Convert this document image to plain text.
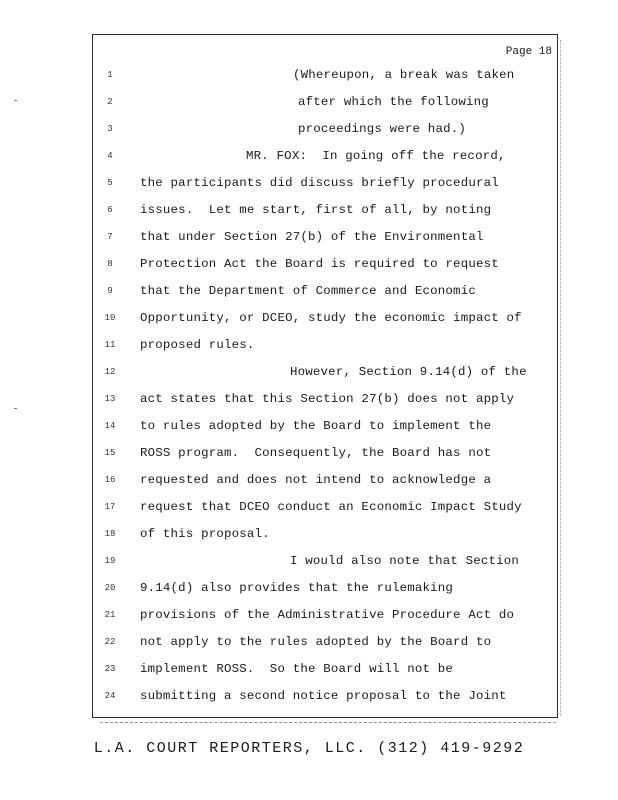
Page 18
1	(Whereupon, a break was taken
2	after which the following
3	proceedings were had.)
4	MR. FOX:  In going off the record,
5	the participants did discuss briefly procedural
6	issues.  Let me start, first of all, by noting
7	that under Section 27(b) of the Environmental
8	Protection Act the Board is required to request
9	that the Department of Commerce and Economic
10	Opportunity, or DCEO, study the economic impact of
11	proposed rules.
12	However, Section 9.14(d) of the
13	act states that this Section 27(b) does not apply
14	to rules adopted by the Board to implement the
15	ROSS program.  Consequently, the Board has not
16	requested and does not intend to acknowledge a
17	request that DCEO conduct an Economic Impact Study
18	of this proposal.
19	I would also note that Section
20	9.14(d) also provides that the rulemaking
21	provisions of the Administrative Procedure Act do
22	not apply to the rules adopted by the Board to
23	implement ROSS.  So the Board will not be
24	submitting a second notice proposal to the Joint
L.A. COURT REPORTERS, LLC. (312) 419-9292
